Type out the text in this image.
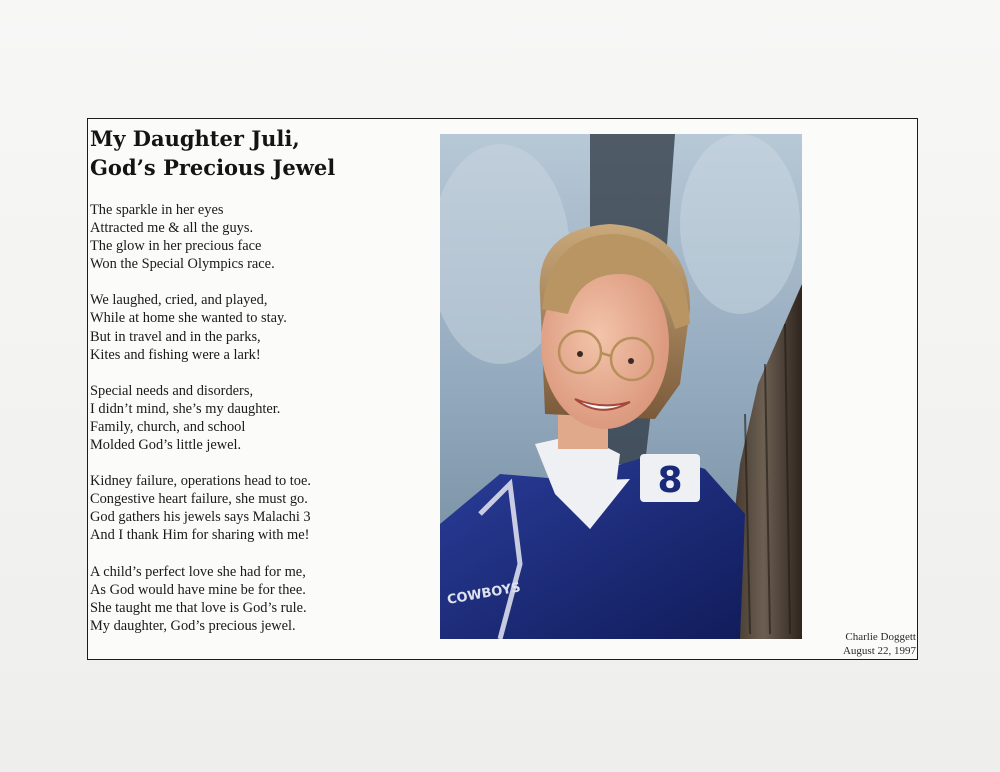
My Daughter Juli,
God’s Precious Jewel

The sparkle in her eyes
Attracted me & all the guys.
The glow in her precious face
Won the Special Olympics race.

We laughed, cried, and played,
While at home she wanted to stay.
But in travel and in the parks,
Kites and fishing were a lark!

Special needs and disorders,
I didn’t mind, she’s my daughter.
Family, church, and school
Molded God’s little jewel.

Kidney failure, operations head to toe.
Congestive heart failure, she must go.
God gathers his jewels says Malachi 3
And I thank Him for sharing with me!

A child’s perfect love she had for me,
As God would have mine be for thee.
She taught me that love is God’s rule.
My daughter, God’s precious jewel.

8
COWBOYS
Charlie Doggett
August 22, 1997
